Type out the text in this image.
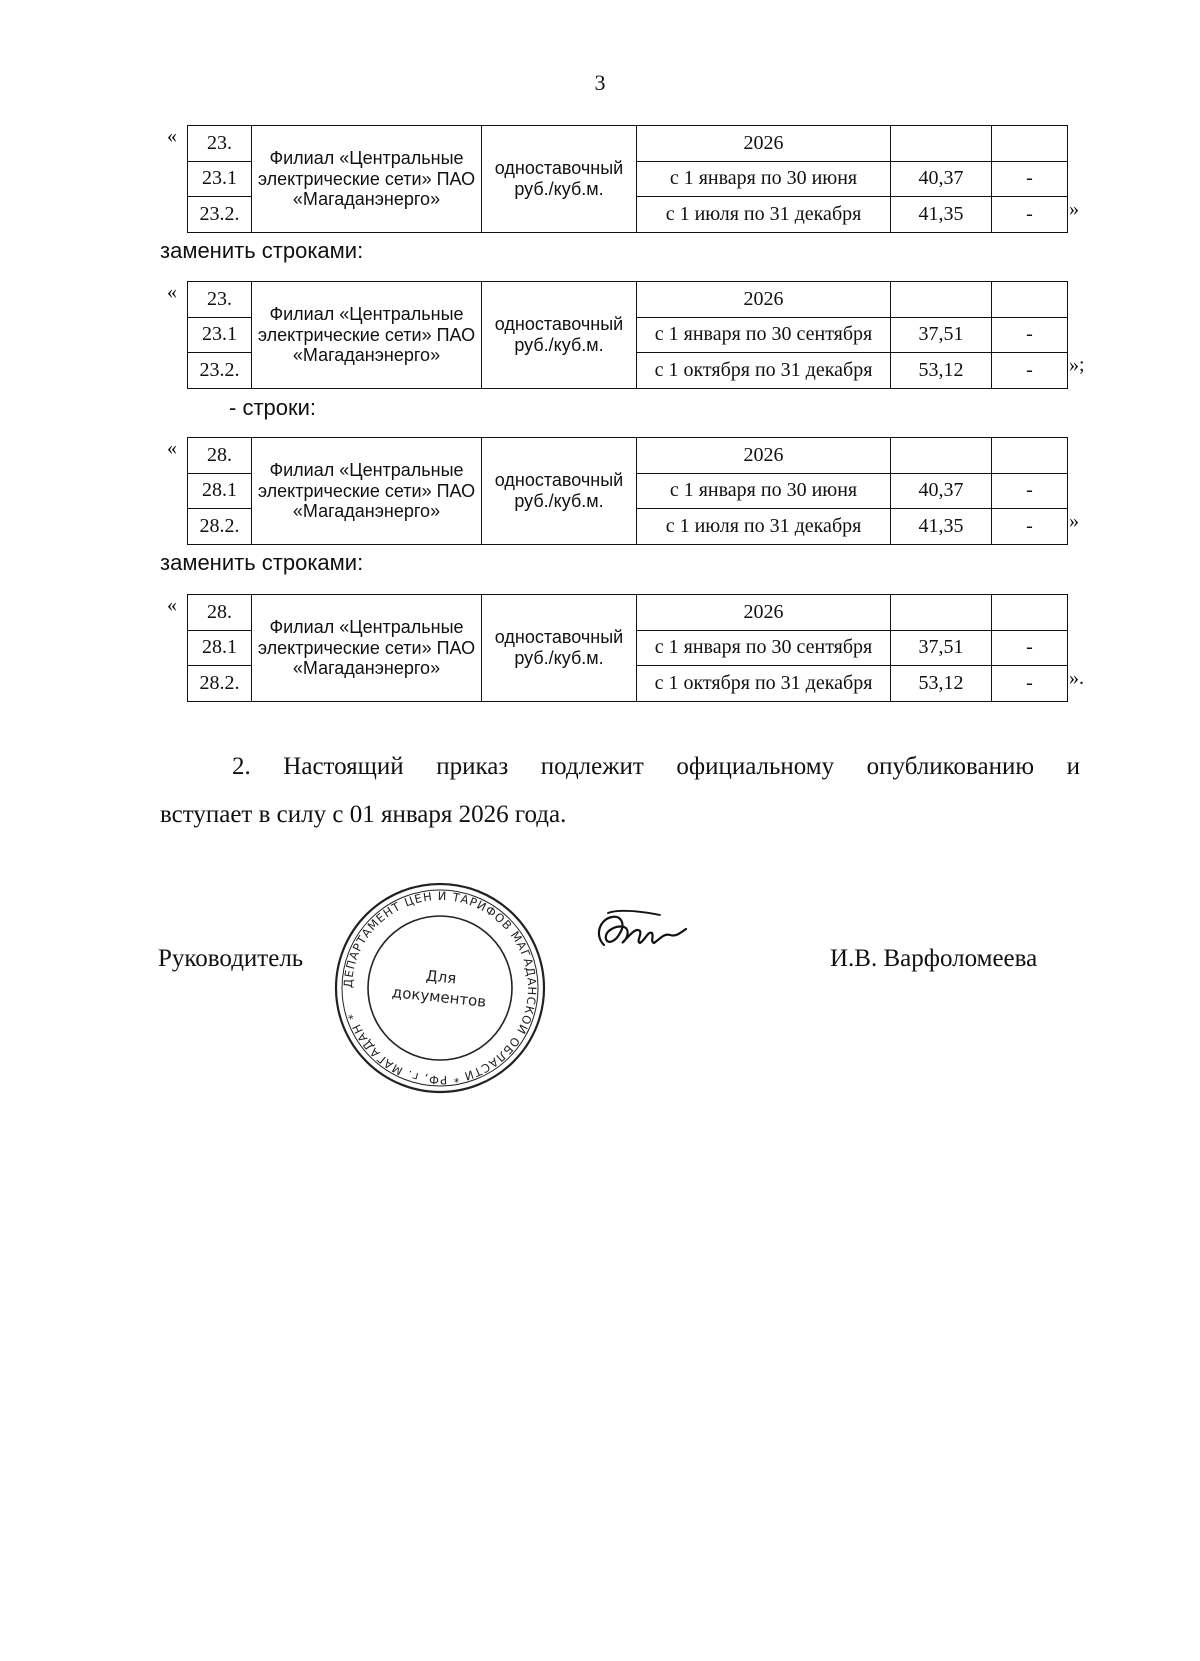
3
« 23.	Филиал «Центральные электрические сети» ПАО «Магаданэнерго»	одноставочный руб./куб.м.	2026		
23.1			с 1 января по 30 июня	40,37	-
23.2.			с 1 июля по 31 декабря	41,35	- »
заменить строками:
« 23.	Филиал «Центральные электрические сети» ПАО «Магаданэнерго»	одноставочный руб./куб.м.	2026		
23.1			с 1 января по 30 сентября	37,51	-
23.2.			с 1 октября по 31 декабря	53,12	- »;
- строки:
« 28.	Филиал «Центральные электрические сети» ПАО «Магаданэнерго»	одноставочный руб./куб.м.	2026		
28.1			с 1 января по 30 июня	40,37	-
28.2.			с 1 июля по 31 декабря	41,35	- »
заменить строками:
« 28.	Филиал «Центральные электрические сети» ПАО «Магаданэнерго»	одноставочный руб./куб.м.	2026		
28.1			с 1 января по 30 сентября	37,51	-
28.2.			с 1 октября по 31 декабря	53,12	- ».
2. Настоящий приказ подлежит официальному опубликованию и
вступает в силу с 01 января 2026 года.
Руководитель	И.В. Варфоломеева
ДЕПАРТАМЕНТ ЦЕН И ТАРИФОВ МАГАДАНСКОЙ ОБЛАСТИ * РФ, г. МАГАДАН *
Для
документов
